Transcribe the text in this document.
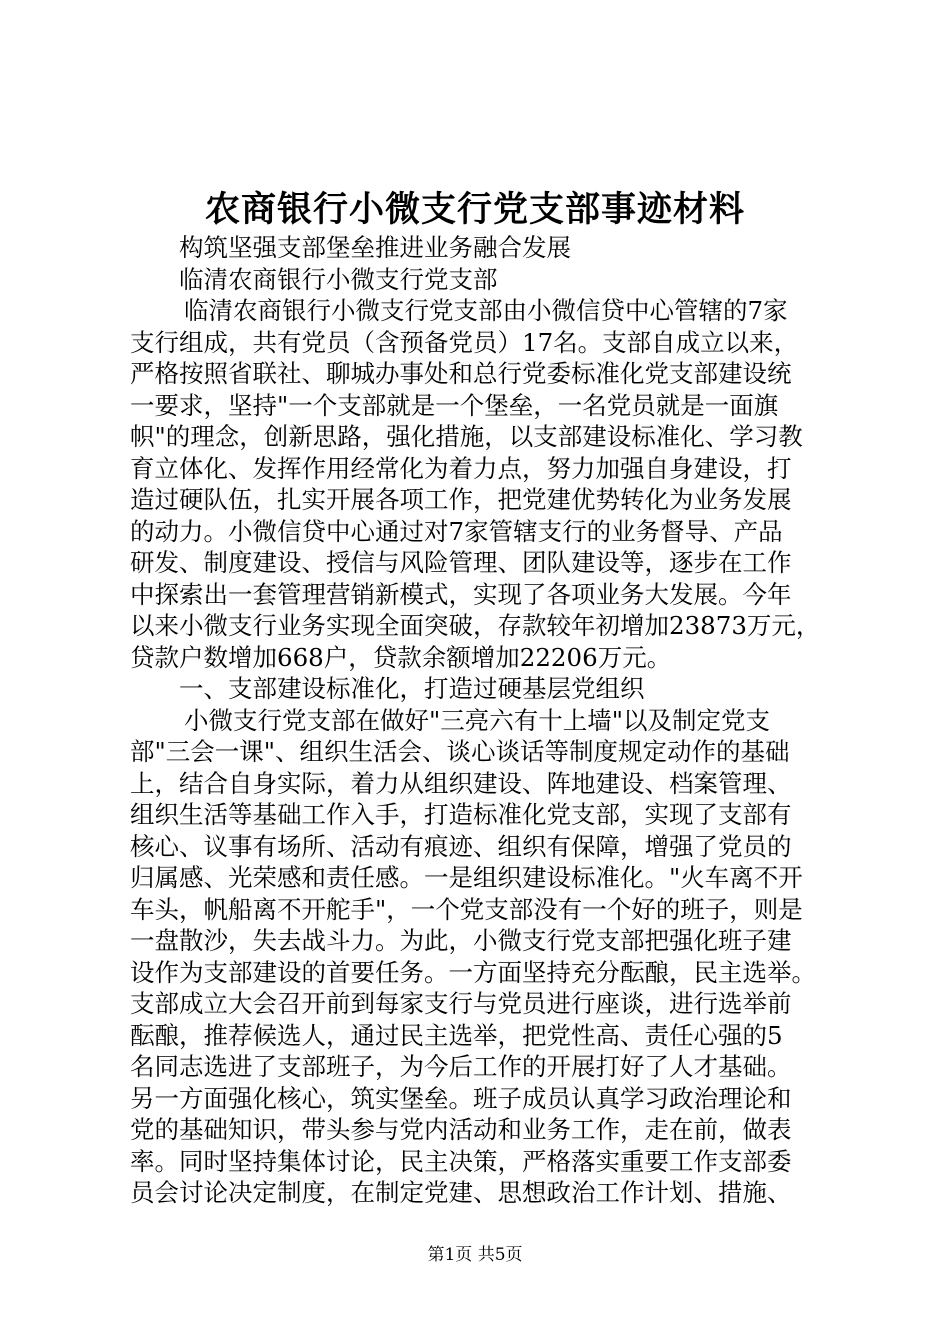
农商银行小微支行党支部事迹材料
构筑坚强支部堡垒推进业务融合发展
临清农商银行小微支行党支部
临清农商银行小微支行党支部由小微信贷中心管辖的7家
支行组成，共有党员（含预备党员）17名。支部自成立以来，
严格按照省联社、聊城办事处和总行党委标准化党支部建设统
一要求，坚持"一个支部就是一个堡垒，一名党员就是一面旗
帜"的理念，创新思路，强化措施，以支部建设标准化、学习教
育立体化、发挥作用经常化为着力点，努力加强自身建设，打
造过硬队伍，扎实开展各项工作，把党建优势转化为业务发展
的动力。小微信贷中心通过对7家管辖支行的业务督导、产品
研发、制度建设、授信与风险管理、团队建设等，逐步在工作
中探索出一套管理营销新模式，实现了各项业务大发展。今年
以来小微支行业务实现全面突破，存款较年初增加23873万元，
贷款户数增加668户，贷款余额增加22206万元。
一、支部建设标准化，打造过硬基层党组织
小微支行党支部在做好"三亮六有十上墙"以及制定党支
部"三会一课"、组织生活会、谈心谈话等制度规定动作的基础
上，结合自身实际，着力从组织建设、阵地建设、档案管理、
组织生活等基础工作入手，打造标准化党支部，实现了支部有
核心、议事有场所、活动有痕迹、组织有保障，增强了党员的
归属感、光荣感和责任感。一是组织建设标准化。"火车离不开
车头，帆船离不开舵手"，一个党支部没有一个好的班子，则是
一盘散沙，失去战斗力。为此，小微支行党支部把强化班子建
设作为支部建设的首要任务。一方面坚持充分酝酿，民主选举。
支部成立大会召开前到每家支行与党员进行座谈，进行选举前
酝酿，推荐候选人，通过民主选举，把党性高、责任心强的5
名同志选进了支部班子，为今后工作的开展打好了人才基础。
另一方面强化核心，筑实堡垒。班子成员认真学习政治理论和
党的基础知识，带头参与党内活动和业务工作，走在前，做表
率。同时坚持集体讨论，民主决策，严格落实重要工作支部委
员会讨论决定制度，在制定党建、思想政治工作计划、措施、
第1页 共5页
